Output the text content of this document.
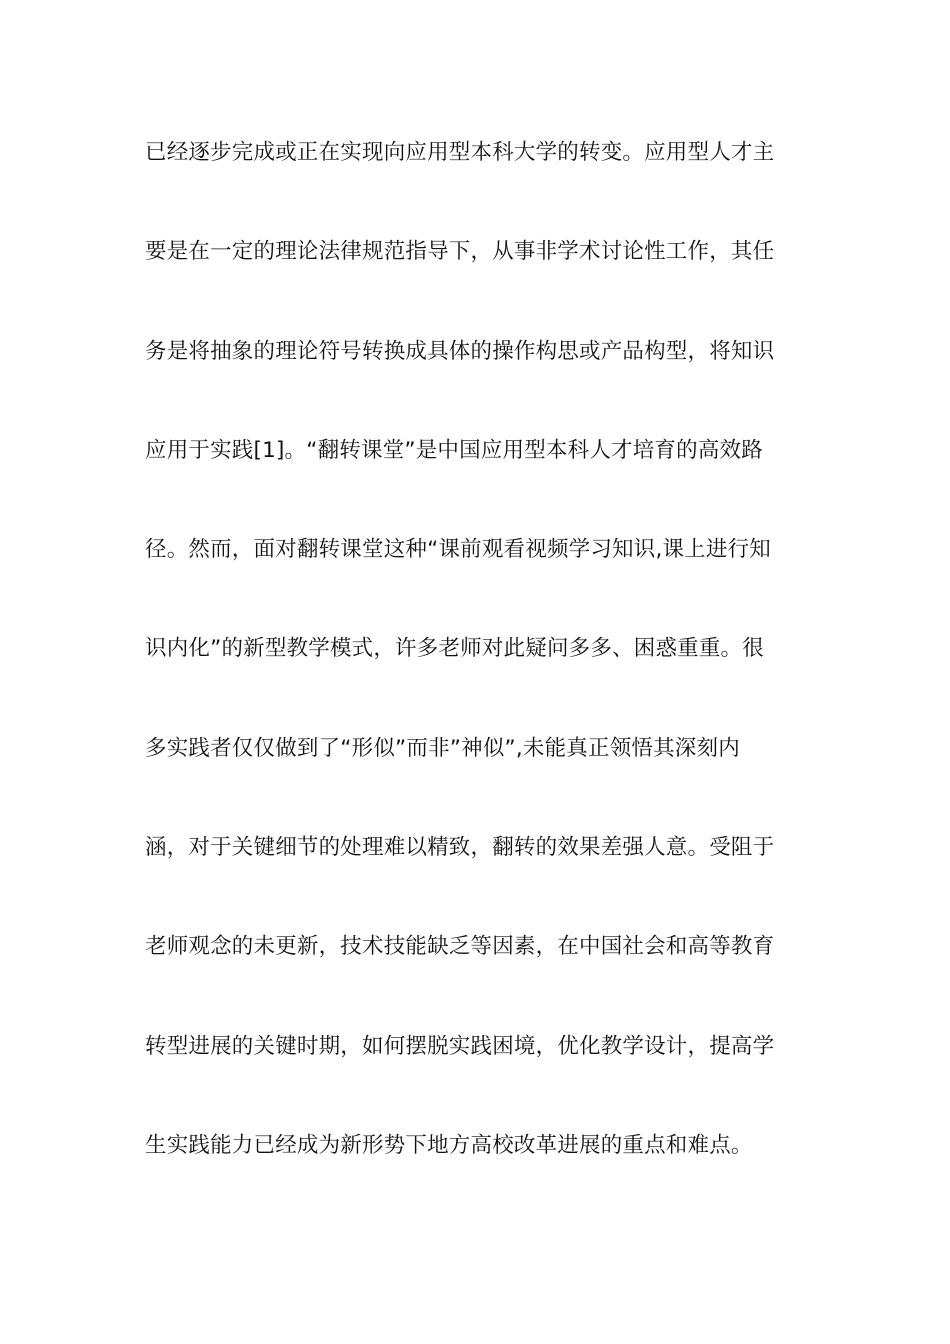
已经逐步完成或正在实现向应用型本科大学的转变。应用型人才主
要是在一定的理论法律规范指导下，从事非学术讨论性工作，其任
务是将抽象的理论符号转换成具体的操作构思或产品构型，将知识
应用于实践[1]。“翻转课堂”是中国应用型本科人才培育的高效路
径。然而，面对翻转课堂这种“课前观看视频学习知识,课上进行知
识内化”的新型教学模式，许多老师对此疑问多多、困惑重重。很
多实践者仅仅做到了“形似”而非”神似”,未能真正领悟其深刻内
涵，对于关键细节的处理难以精致，翻转的效果差强人意。受阻于
老师观念的未更新，技术技能缺乏等因素，在中国社会和高等教育
转型进展的关键时期，如何摆脱实践困境，优化教学设计，提高学
生实践能力已经成为新形势下地方高校改革进展的重点和难点。
